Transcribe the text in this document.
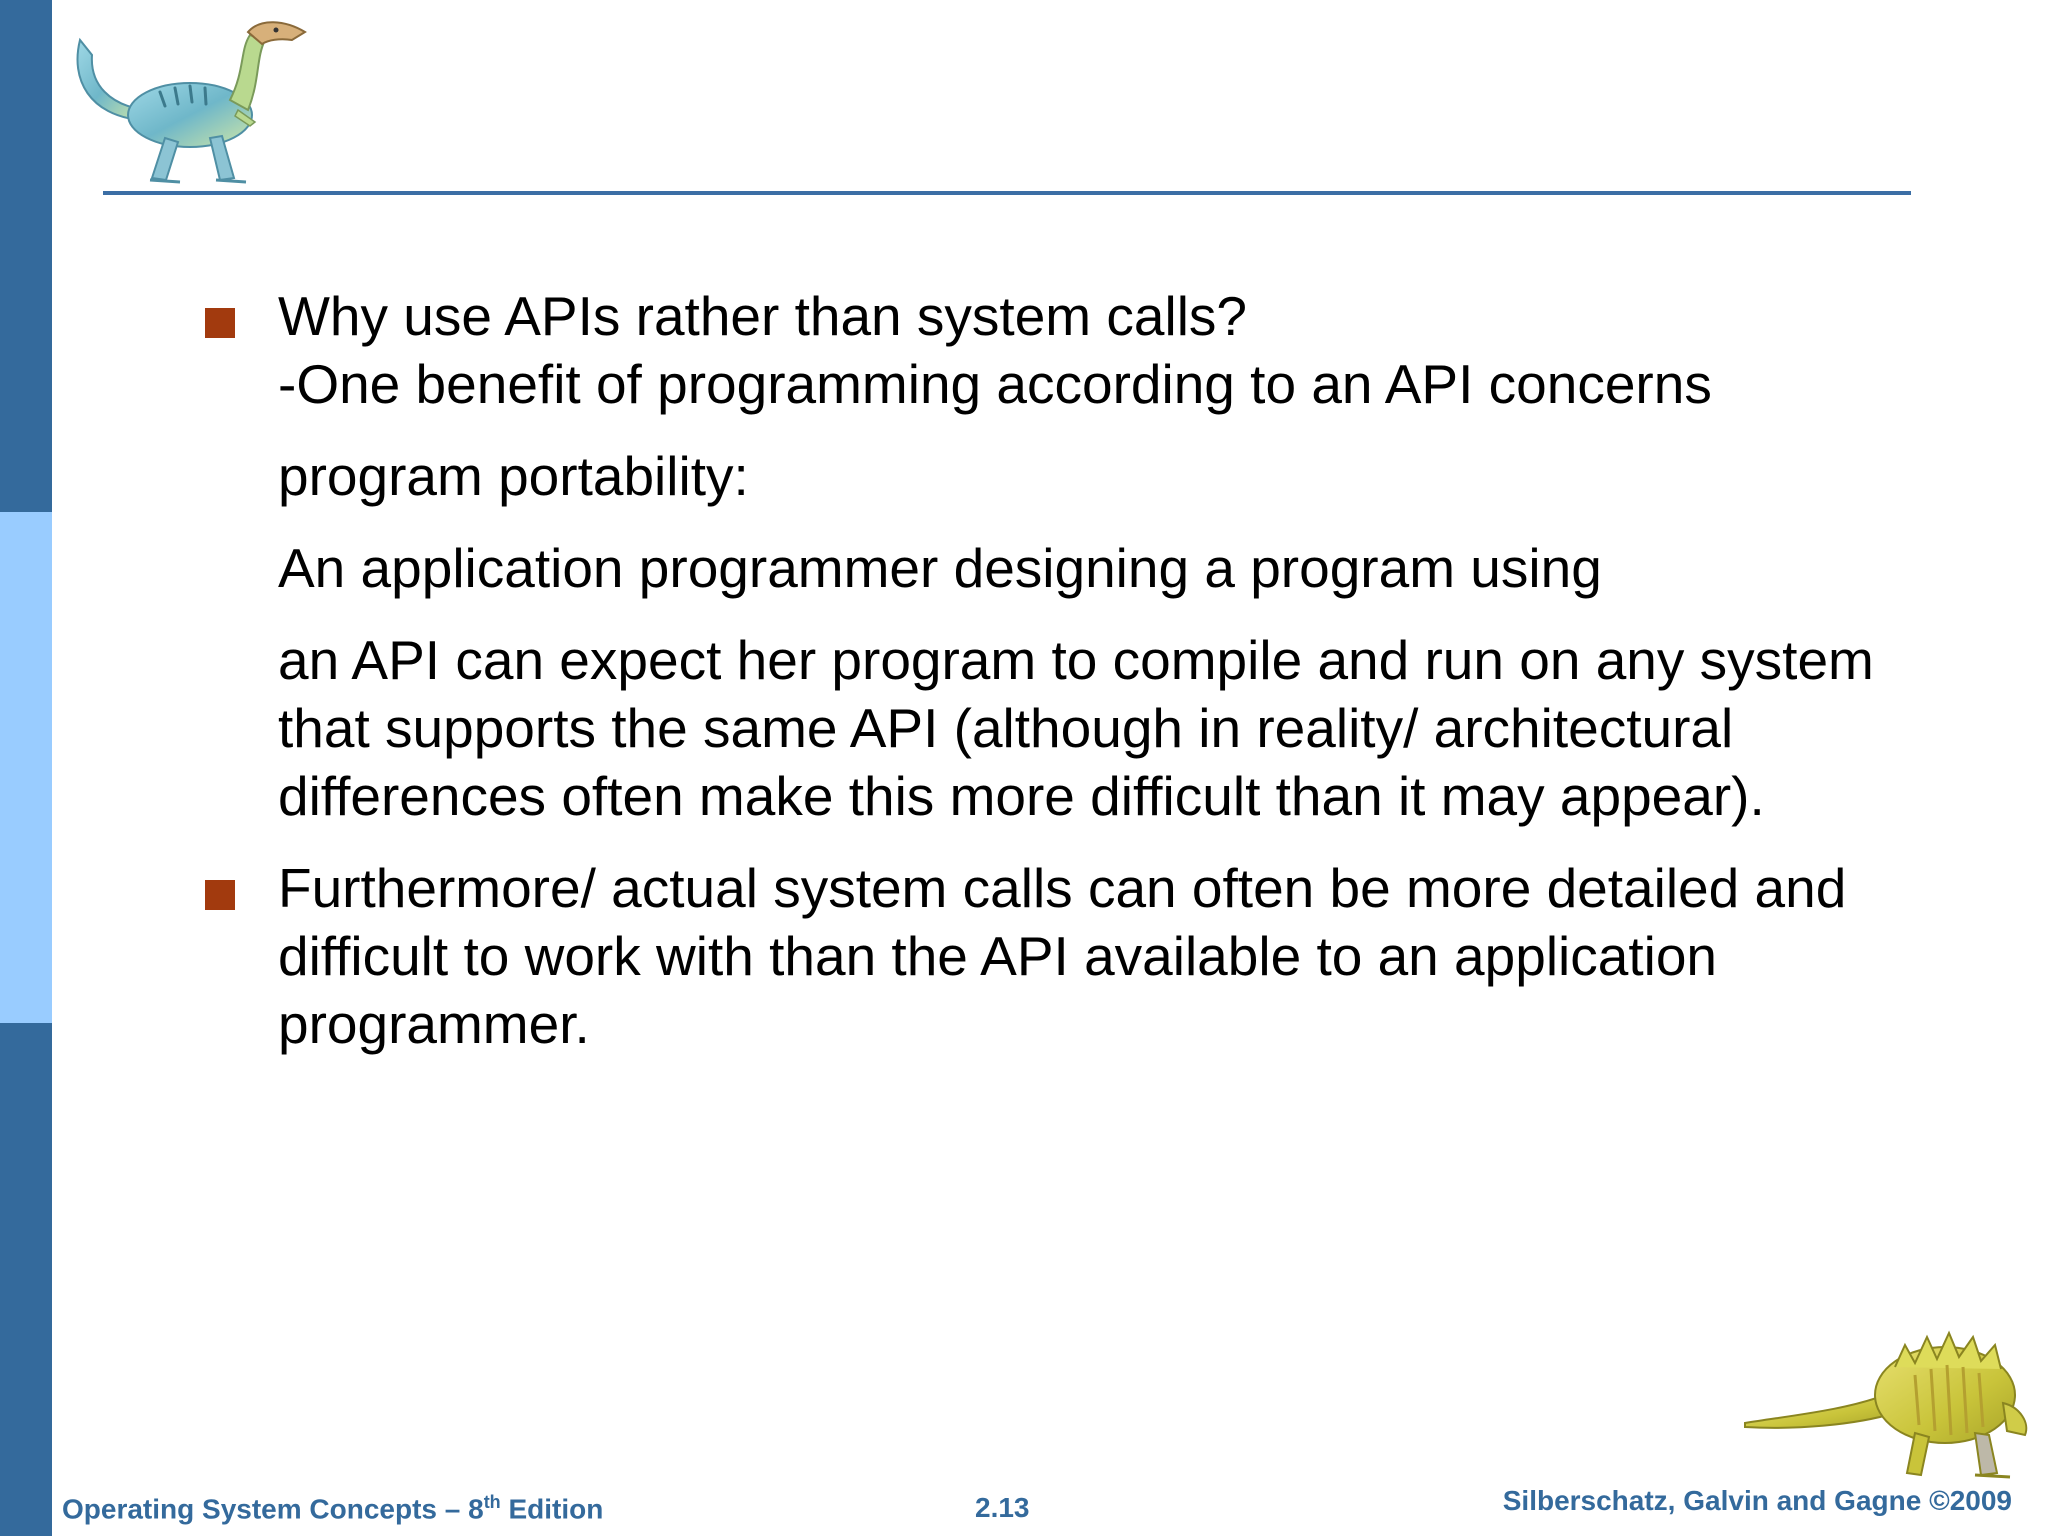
Why use APIs rather than system calls?
-One benefit of programming according to an API concerns
program portability:
An application programmer designing a program using
an API can expect her program to compile and run on any system
that supports the same API (although in reality/ architectural
differences often make this more difficult than it may appear).
Furthermore/ actual system calls can often be more detailed and
difficult to work with than the API available to an application
programmer.
Operating System Concepts – 8th Edition	2.13	Silberschatz, Galvin and Gagne ©2009
